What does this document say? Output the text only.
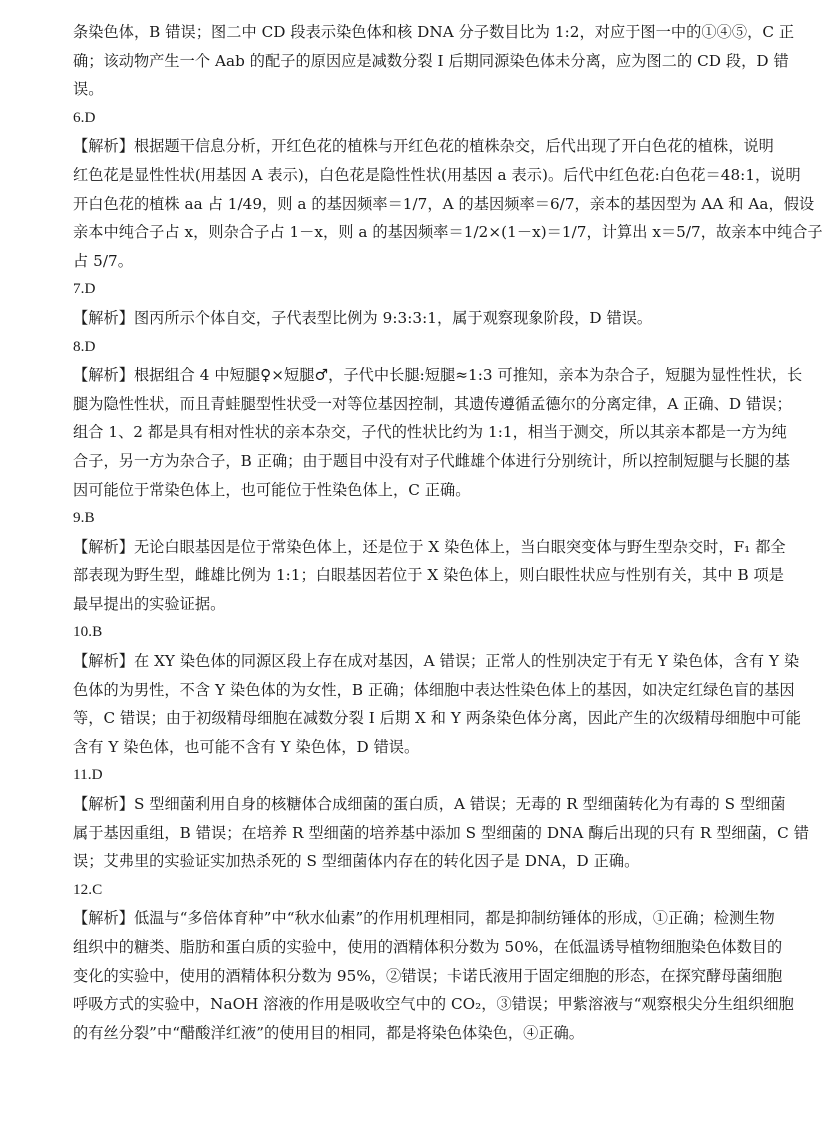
条染色体，B 错误；图二中 CD 段表示染色体和核 DNA 分子数目比为 1:2，对应于图一中的①④⑤，C 正
确；该动物产生一个 Aab 的配子的原因应是减数分裂 I 后期同源染色体未分离，应为图二的 CD 段，D 错
误。
6.D
【解析】根据题干信息分析，开红色花的植株与开红色花的植株杂交，后代出现了开白色花的植株，说明
红色花是显性性状(用基因 A 表示)，白色花是隐性性状(用基因 a 表示)。后代中红色花:白色花＝48:1，说明
开白色花的植株 aa 占 1/49，则 a 的基因频率＝1/7，A 的基因频率＝6/7，亲本的基因型为 AA 和 Aa，假设
亲本中纯合子占 x，则杂合子占 1－x，则 a 的基因频率＝1/2×(1－x)＝1/7，计算出 x＝5/7，故亲本中纯合子
占 5/7。
7.D
【解析】图丙所示个体自交，子代表型比例为 9:3:3:1，属于观察现象阶段，D 错误。
8.D
【解析】根据组合 4 中短腿♀×短腿♂，子代中长腿:短腿≈1:3 可推知，亲本为杂合子，短腿为显性性状，长
腿为隐性性状，而且青蛙腿型性状受一对等位基因控制，其遗传遵循孟德尔的分离定律，A 正确、D 错误；
组合 1、2 都是具有相对性状的亲本杂交，子代的性状比约为 1:1，相当于测交，所以其亲本都是一方为纯
合子，另一方为杂合子，B 正确；由于题目中没有对子代雌雄个体进行分别统计，所以控制短腿与长腿的基
因可能位于常染色体上，也可能位于性染色体上，C 正确。
9.B
【解析】无论白眼基因是位于常染色体上，还是位于 X 染色体上，当白眼突变体与野生型杂交时，F₁ 都全
部表现为野生型，雌雄比例为 1:1；白眼基因若位于 X 染色体上，则白眼性状应与性别有关，其中 B 项是
最早提出的实验证据。
10.B
【解析】在 XY 染色体的同源区段上存在成对基因，A 错误；正常人的性别决定于有无 Y 染色体，含有 Y 染
色体的为男性，不含 Y 染色体的为女性，B 正确；体细胞中表达性染色体上的基因，如决定红绿色盲的基因
等，C 错误；由于初级精母细胞在减数分裂 I 后期 X 和 Y 两条染色体分离，因此产生的次级精母细胞中可能
含有 Y 染色体，也可能不含有 Y 染色体，D 错误。
11.D
【解析】S 型细菌利用自身的核糖体合成细菌的蛋白质，A 错误；无毒的 R 型细菌转化为有毒的 S 型细菌
属于基因重组，B 错误；在培养 R 型细菌的培养基中添加 S 型细菌的 DNA 酶后出现的只有 R 型细菌，C 错
误；艾弗里的实验证实加热杀死的 S 型细菌体内存在的转化因子是 DNA，D 正确。
12.C
【解析】低温与“多倍体育种”中“秋水仙素”的作用机理相同，都是抑制纺锤体的形成，①正确；检测生物
组织中的糖类、脂肪和蛋白质的实验中，使用的酒精体积分数为 50%，在低温诱导植物细胞染色体数目的
变化的实验中，使用的酒精体积分数为 95%，②错误；卡诺氏液用于固定细胞的形态，在探究酵母菌细胞
呼吸方式的实验中，NaOH 溶液的作用是吸收空气中的 CO₂，③错误；甲紫溶液与“观察根尖分生组织细胞
的有丝分裂”中“醋酸洋红液”的使用目的相同，都是将染色体染色，④正确。
